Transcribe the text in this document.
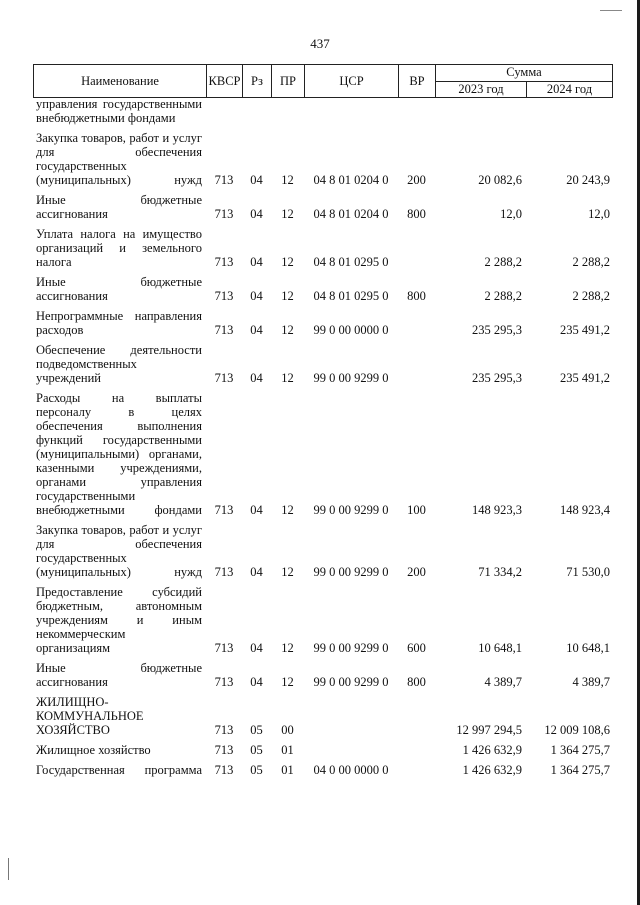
437
Наименование	КВСР	Рз	ПР	ЦСР	ВР	Сумма	
						2023 год	2024 год
управления государственными внебюджетными фондами							
Закупка товаров, работ и услуг для обеспечения государственных (муниципальных) нужд	713	04	12	04 8 01 0204 0	200	20 082,6	20 243,9
Иные бюджетные ассигнования	713	04	12	04 8 01 0204 0	800	12,0	12,0
Уплата налога на имущество организаций и земельного налога	713	04	12	04 8 01 0295 0		2 288,2	2 288,2
Иные бюджетные ассигнования	713	04	12	04 8 01 0295 0	800	2 288,2	2 288,2
Непрограммные направления расходов	713	04	12	99 0 00 0000 0		235 295,3	235 491,2
Обеспечение деятельности подведомственных учреждений	713	04	12	99 0 00 9299 0		235 295,3	235 491,2
Расходы на выплаты персоналу в целях обеспечения выполнения функций государственными (муниципальными) органами, казенными учреждениями, органами управления государственными внебюджетными фондами	713	04	12	99 0 00 9299 0	100	148 923,3	148 923,4
Закупка товаров, работ и услуг для обеспечения государственных (муниципальных) нужд	713	04	12	99 0 00 9299 0	200	71 334,2	71 530,0
Предоставление субсидий бюджетным, автономным учреждениям и иным некоммерческим организациям	713	04	12	99 0 00 9299 0	600	10 648,1	10 648,1
Иные бюджетные ассигнования	713	04	12	99 0 00 9299 0	800	4 389,7	4 389,7
ЖИЛИЩНО-КОММУНАЛЬНОЕ ХОЗЯЙСТВО	713	05	00			12 997 294,5	12 009 108,6
Жилищное хозяйство	713	05	01			1 426 632,9	1 364 275,7
Государственная программа	713	05	01	04 0 00 0000 0		1 426 632,9	1 364 275,7
